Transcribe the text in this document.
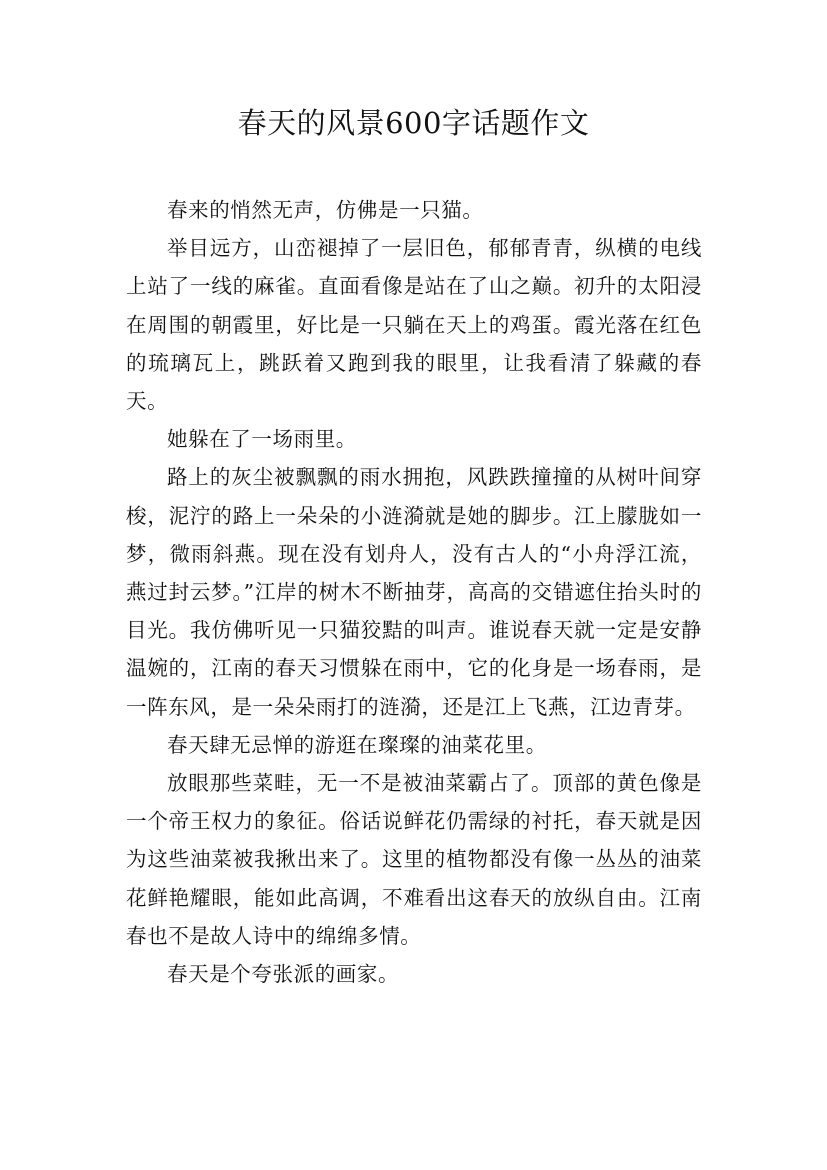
春天的风景600字话题作文

春来的悄然无声，仿佛是一只猫。

举目远方，山峦褪掉了一层旧色，郁郁青青，纵横的电线上站了一线的麻雀。直面看像是站在了山之巅。初升的太阳浸在周围的朝霞里，好比是一只躺在天上的鸡蛋。霞光落在红色的琉璃瓦上，跳跃着又跑到我的眼里，让我看清了躲藏的春天。

她躲在了一场雨里。

路上的灰尘被飘飘的雨水拥抱，风跌跌撞撞的从树叶间穿梭，泥泞的路上一朵朵的小涟漪就是她的脚步。江上朦胧如一梦，微雨斜燕。现在没有划舟人，没有古人的“小舟浮江流，燕过封云梦。”江岸的树木不断抽芽，高高的交错遮住抬头时的目光。我仿佛听见一只猫狡黠的叫声。谁说春天就一定是安静温婉的，江南的春天习惯躲在雨中，它的化身是一场春雨，是一阵东风，是一朵朵雨打的涟漪，还是江上飞燕，江边青芽。

春天肆无忌惮的游逛在璨璨的油菜花里。

放眼那些菜畦，无一不是被油菜霸占了。顶部的黄色像是一个帝王权力的象征。俗话说鲜花仍需绿的衬托，春天就是因为这些油菜被我揪出来了。这里的植物都没有像一丛丛的油菜花鲜艳耀眼，能如此高调，不难看出这春天的放纵自由。江南春也不是故人诗中的绵绵多情。

春天是个夸张派的画家。
